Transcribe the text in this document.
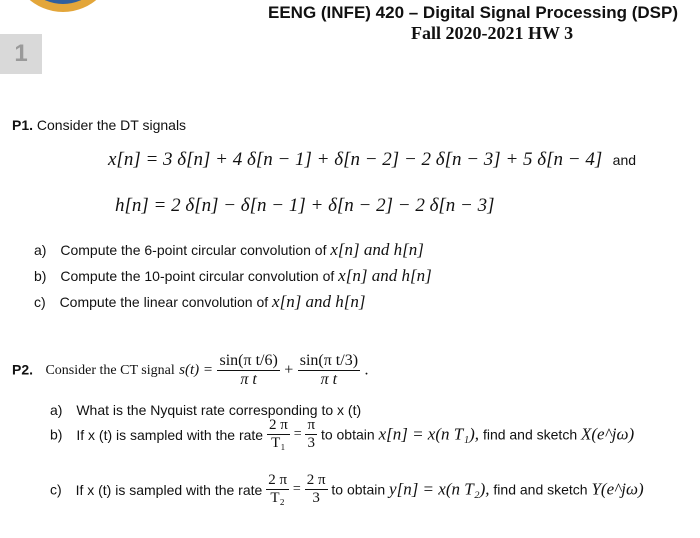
1
EENG (INFE) 420 – Digital Signal Processing (DSP)
Fall 2020-2021 HW 3
P1. Consider the DT signals
x[n] = 3 δ[n] + 4 δ[n − 1] + δ[n − 2] − 2 δ[n − 3] + 5 δ[n − 4] and
h[n] = 2 δ[n] − δ[n − 1] + δ[n − 2] − 2 δ[n − 3]
a) Compute the 6-point circular convolution of x[n] and h[n]
b) Compute the 10-point circular convolution of x[n] and h[n]
c) Compute the linear convolution of x[n] and h[n]
P2. Consider the CT signal $s(t) = \frac{\text{sin(π t/6)}}{\text{π t}} + \frac{\text{sin(π t/3)}}{\text{π t}}$ .
a) What is the Nyquist rate corresponding to x (t)
b) If x (t) is sampled with the rate $\frac{2 \pi}{\text{T₁}} = \frac{\pi}{3}$ to obtain x[n] = x(n T₁), find and sketch X(e^jω)
c) If x (t) is sampled with the rate $\frac{2 \pi}{\text{T₂}} = \frac{2 \pi}{3}$ to obtain y[n] = x(n T₂), find and sketch Y(e^jω)
